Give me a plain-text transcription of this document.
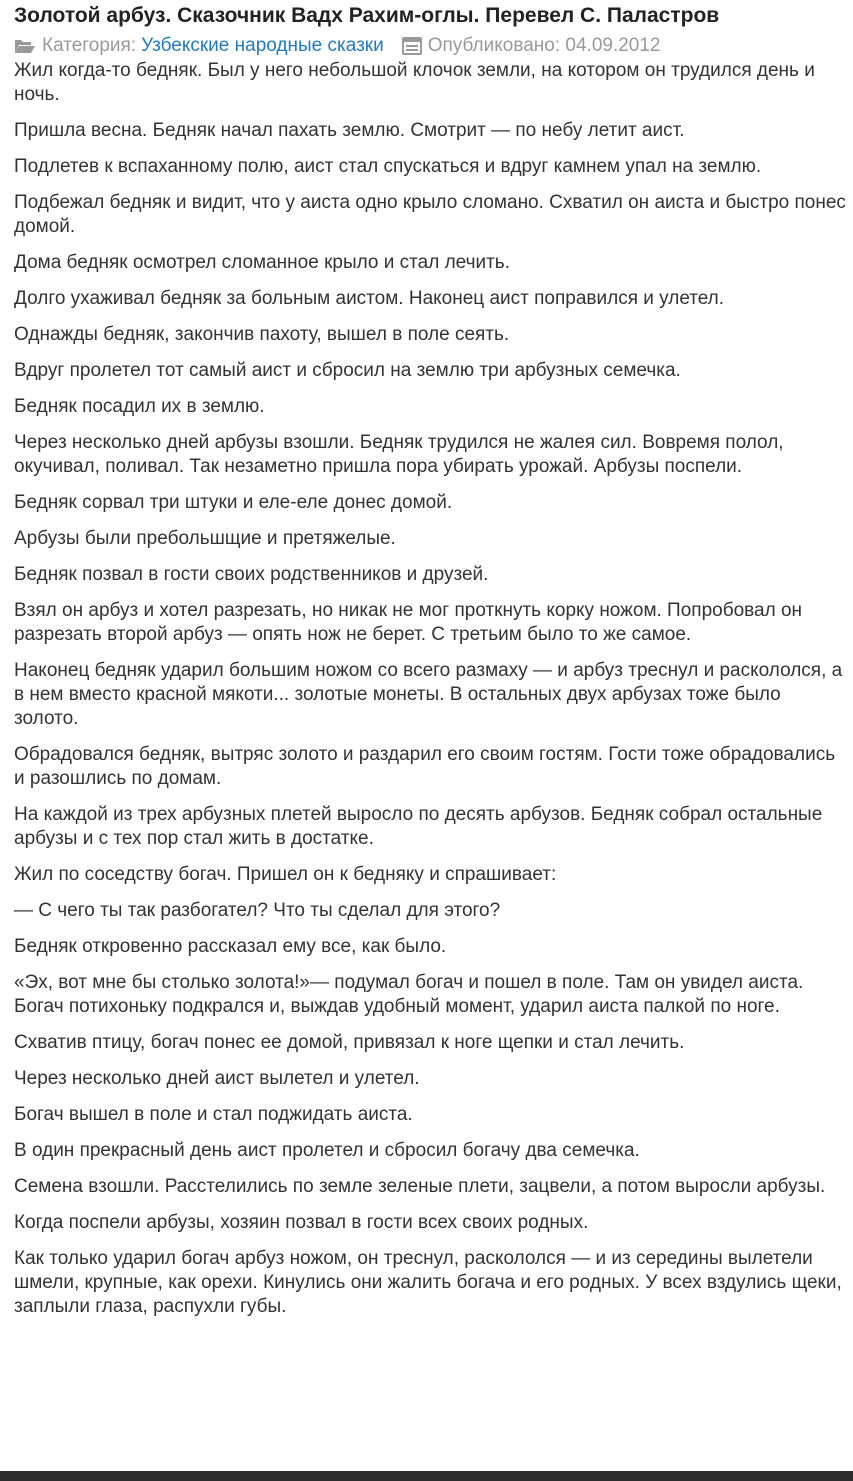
Золотой арбуз. Сказочник Вадх Рахим-оглы. Перевел С. Паластров
Категория: Узбекские народные сказки Опубликовано: 04.09.2012

Жил когда-то бедняк. Был у него небольшой клочок земли, на котором он трудился день и ночь.

Пришла весна. Бедняк начал пахать землю. Смотрит — по небу летит аист.

Подлетев к вспаханному полю, аист стал спускаться и вдруг камнем упал на землю.

Подбежал бедняк и видит, что у аиста одно крыло сломано. Схватил он аиста и быстро понес домой.

Дома бедняк осмотрел сломанное крыло и стал лечить.

Долго ухаживал бедняк за больным аистом. Наконец аист поправился и улетел.

Однажды бедняк, закончив пахоту, вышел в поле сеять.

Вдруг пролетел тот самый аист и сбросил на землю три арбузных семечка.

Бедняк посадил их в землю.

Через несколько дней арбузы взошли. Бедняк трудился не жалея сил. Вовремя полол, окучивал, поливал. Так незаметно пришла пора убирать урожай. Арбузы поспели.

Бедняк сорвал три штуки и еле-еле донес домой.

Арбузы были пребольшщие и претяжелые.

Бедняк позвал в гости своих родственников и друзей.

Взял он арбуз и хотел разрезать, но никак не мог проткнуть корку ножом. Попробовал он разрезать второй арбуз — опять нож не берет. С третьим было то же самое.

Наконец бедняк ударил большим ножом со всего размаху — и арбуз треснул и раскололся, а в нем вместо красной мякоти... золотые монеты. В остальных двух арбузах тоже было золото.

Обрадовался бедняк, вытряс золото и раздарил его своим гостям. Гости тоже обрадовались и разошлись по домам.

На каждой из трех арбузных плетей выросло по десять арбузов. Бедняк собрал остальные арбузы и с тех пор стал жить в достатке.

Жил по соседству богач. Пришел он к бедняку и спрашивает:

— С чего ты так разбогател? Что ты сделал для этого?

Бедняк откровенно рассказал ему все, как было.

«Эх, вот мне бы столько золота!»— подумал богач и пошел в поле. Там он увидел аиста. Богач потихоньку подкрался и, выждав удобный момент, ударил аиста палкой по ноге.

Схватив птицу, богач понес ее домой, привязал к ноге щепки и стал лечить.

Через несколько дней аист вылетел и улетел.

Богач вышел в поле и стал поджидать аиста.

В один прекрасный день аист пролетел и сбросил богачу два семечка.

Семена взошли. Расстелились по земле зеленые плети, зацвели, а потом выросли арбузы.

Когда поспели арбузы, хозяин позвал в гости всех своих родных.

Как только ударил богач арбуз ножом, он треснул, раскололся — и из середины вылетели шмели, крупные, как орехи. Кинулись они жалить богача и его родных. У всех вздулись щеки, заплыли глаза, распухли губы.
